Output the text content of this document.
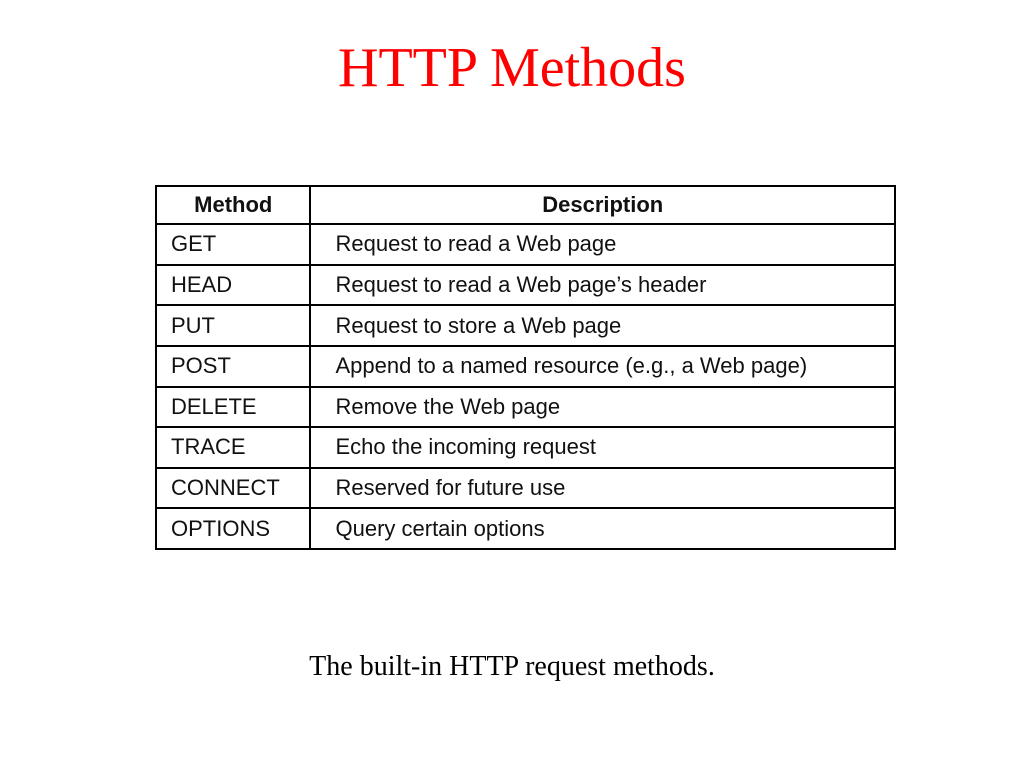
HTTP Methods
Method	Description
GET	Request to read a Web page
HEAD	Request to read a Web page’s header
PUT	Request to store a Web page
POST	Append to a named resource (e.g., a Web page)
DELETE	Remove the Web page
TRACE	Echo the incoming request
CONNECT	Reserved for future use
OPTIONS	Query certain options
The built-in HTTP request methods.
